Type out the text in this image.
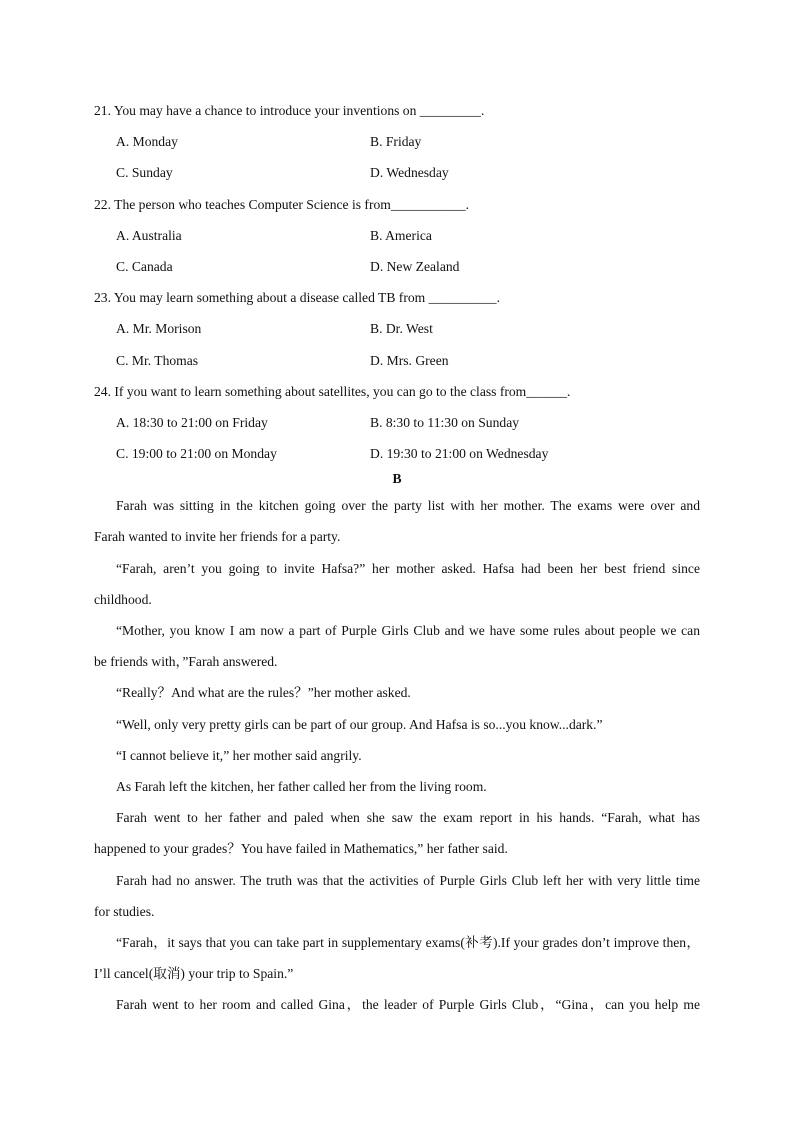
21. You may have a chance to introduce your inventions on _________.
A. Monday	B. Friday
C. Sunday	D. Wednesday
22. The person who teaches Computer Science is from___________.
A. Australia	B. America
C. Canada	D. New Zealand
23. You may learn something about a disease called TB from __________.
A. Mr. Morison	B. Dr. West
C. Mr. Thomas	D. Mrs. Green
24. If you want to learn something about satellites, you can go to the class from______.
A. 18:30 to 21:00 on Friday	B. 8:30 to 11:30 on Sunday
C. 19:00 to 21:00 on Monday	D. 19:30 to 21:00 on Wednesday
B
Farah was sitting in the kitchen going over the party list with her mother. The exams were over and
Farah wanted to invite her friends for a party.
“Farah, aren’t you going to invite Hafsa?” her mother asked. Hafsa had been her best friend since
childhood.
“Mother, you know I am now a part of Purple Girls Club and we have some rules about people we can
be friends with，”Farah answered.
“Really？And what are the rules？”her mother asked.
“Well, only very pretty girls can be part of our group. And Hafsa is so...you know...dark.”
“I cannot believe it,” her mother said angrily.
As Farah left the kitchen, her father called her from the living room.
Farah went to her father and paled when she saw the exam report in his hands. “Farah, what has
happened to your grades？You have failed in Mathematics,” her father said.
Farah had no answer. The truth was that the activities of Purple Girls Club left her with very little time
for studies.
“Farah，it says that you can take part in supplementary exams(补考).If your grades don’t improve then，
I’ll cancel(取消) your trip to Spain.”
Farah went to her room and called Gina，the leader of Purple Girls Club，“Gina，can you help me
